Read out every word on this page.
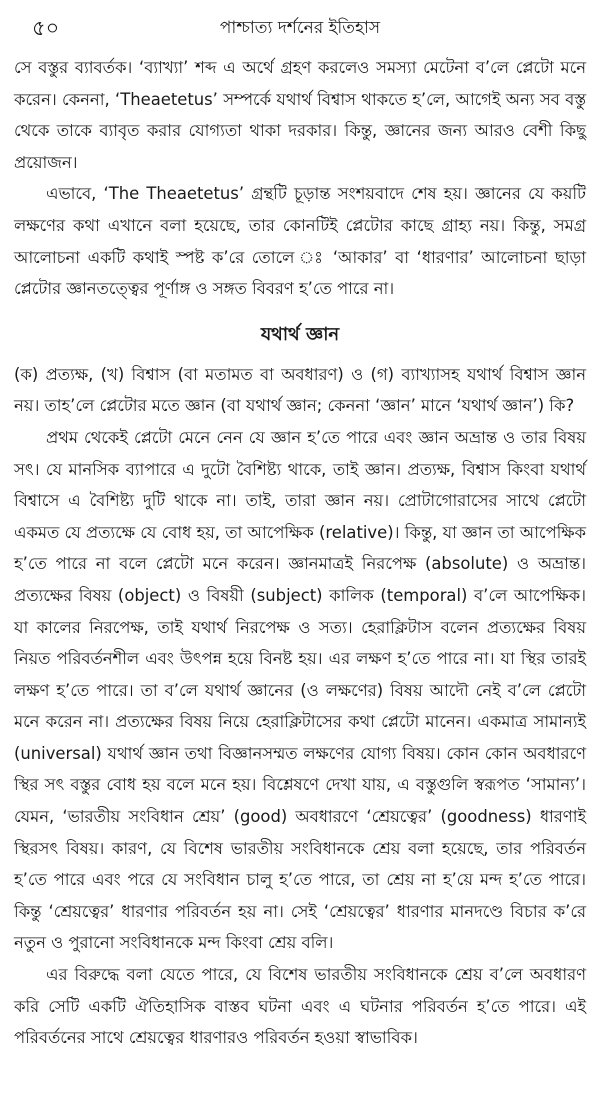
৫০	পাশ্চাত্য দর্শনের ইতিহাস

সে বস্তুর ব্যাবর্তক। ‘ব্যাখ্যা’ শব্দ এ অর্থে গ্রহণ করলেও সমস্যা মেটেনা ব’লে প্লেটো মনে করেন। কেননা, ‘Theaetetus’ সম্পর্কে যথার্থ বিশ্বাস থাকতে হ’লে, আগেই অন্য সব বস্তু থেকে তাকে ব্যাবৃত করার যোগ্যতা থাকা দরকার। কিন্তু, জ্ঞানের জন্য আরও বেশী কিছু প্রয়োজন।

এভাবে, ‘The Theaetetus’ গ্রন্থটি চূড়ান্ত সংশয়বাদে শেষ হয়। জ্ঞানের যে কয়টি লক্ষণের কথা এখানে বলা হয়েছে, তার কোনটিই প্লেটোর কাছে গ্রাহ্য নয়। কিন্তু, সমগ্র আলোচনা একটি কথাই স্পষ্ট ক’রে তোলে ঃ ‘আকার’ বা ‘ধারণার’ আলোচনা ছাড়া প্লেটোর জ্ঞানতত্ত্বের পূর্ণাঙ্গ ও সঙ্গত বিবরণ হ’তে পারে না।

যথার্থ জ্ঞান

(ক) প্রত্যক্ষ, (খ) বিশ্বাস (বা মতামত বা অবধারণ) ও (গ) ব্যাখ্যাসহ যথার্থ বিশ্বাস জ্ঞান নয়। তাহ’লে প্লেটোর মতে জ্ঞান (বা যথার্থ জ্ঞান; কেননা ‘জ্ঞান’ মানে ‘যথার্থ জ্ঞান’) কি?

প্রথম থেকেই প্লেটো মেনে নেন যে জ্ঞান হ’তে পারে এবং জ্ঞান অভ্রান্ত ও তার বিষয় সৎ। যে মানসিক ব্যাপারে এ দুটো বৈশিষ্ট্য থাকে, তাই জ্ঞান। প্রত্যক্ষ, বিশ্বাস কিংবা যথার্থ বিশ্বাসে এ বৈশিষ্ট্য দুটি থাকে না। তাই, তারা জ্ঞান নয়। প্রোটাগোরাসের সাথে প্লেটো একমত যে প্রত্যক্ষে যে বোধ হয়, তা আপেক্ষিক (relative)। কিন্তু, যা জ্ঞান তা আপেক্ষিক হ’তে পারে না বলে প্লেটো মনে করেন। জ্ঞানমাত্রই নিরপেক্ষ (absolute) ও অভ্রান্ত। প্রত্যক্ষের বিষয় (object) ও বিষয়ী (subject) কালিক (temporal) ব’লে আপেক্ষিক। যা কালের নিরপেক্ষ, তাই যথার্থ নিরপেক্ষ ও সত্য। হেরাক্লিটাস বলেন প্রত্যক্ষের বিষয় নিয়ত পরিবর্তনশীল এবং উৎপন্ন হয়ে বিনষ্ট হয়। এর লক্ষণ হ’তে পারে না। যা স্থির তারই লক্ষণ হ’তে পারে। তা ব’লে যথার্থ জ্ঞানের (ও লক্ষণের) বিষয় আদৌ নেই ব’লে প্লেটো মনে করেন না। প্রত্যক্ষের বিষয় নিয়ে হেরাক্লিটাসের কথা প্লেটো মানেন। একমাত্র সামান্যই (universal) যথার্থ জ্ঞান তথা বিজ্ঞানসম্মত লক্ষণের যোগ্য বিষয়। কোন কোন অবধারণে স্থির সৎ বস্তুর বোধ হয় বলে মনে হয়। বিশ্লেষণে দেখা যায়, এ বস্তুগুলি স্বরূপত ‘সামান্য’। যেমন, ‘ভারতীয় সংবিধান শ্রেয়’ (good) অবধারণে ‘শ্রেয়ত্বের’ (goodness) ধারণাই স্থিরসৎ বিষয়। কারণ, যে বিশেষ ভারতীয় সংবিধানকে শ্রেয় বলা হয়েছে, তার পরিবর্তন হ’তে পারে এবং পরে যে সংবিধান চালু হ’তে পারে, তা শ্রেয় না হ’য়ে মন্দ হ’তে পারে। কিন্তু ‘শ্রেয়ত্বের’ ধারণার পরিবর্তন হয় না। সেই ‘শ্রেয়ত্বের’ ধারণার মানদণ্ডে বিচার ক’রে নতুন ও পুরানো সংবিধানকে মন্দ কিংবা শ্রেয় বলি।

এর বিরুদ্ধে বলা যেতে পারে, যে বিশেষ ভারতীয় সংবিধানকে শ্রেয় ব’লে অবধারণ করি সেটি একটি ঐতিহাসিক বাস্তব ঘটনা এবং এ ঘটনার পরিবর্তন হ’তে পারে। এই পরিবর্তনের সাথে শ্রেয়ত্বের ধারণারও পরিবর্তন হওয়া স্বাভাবিক।
